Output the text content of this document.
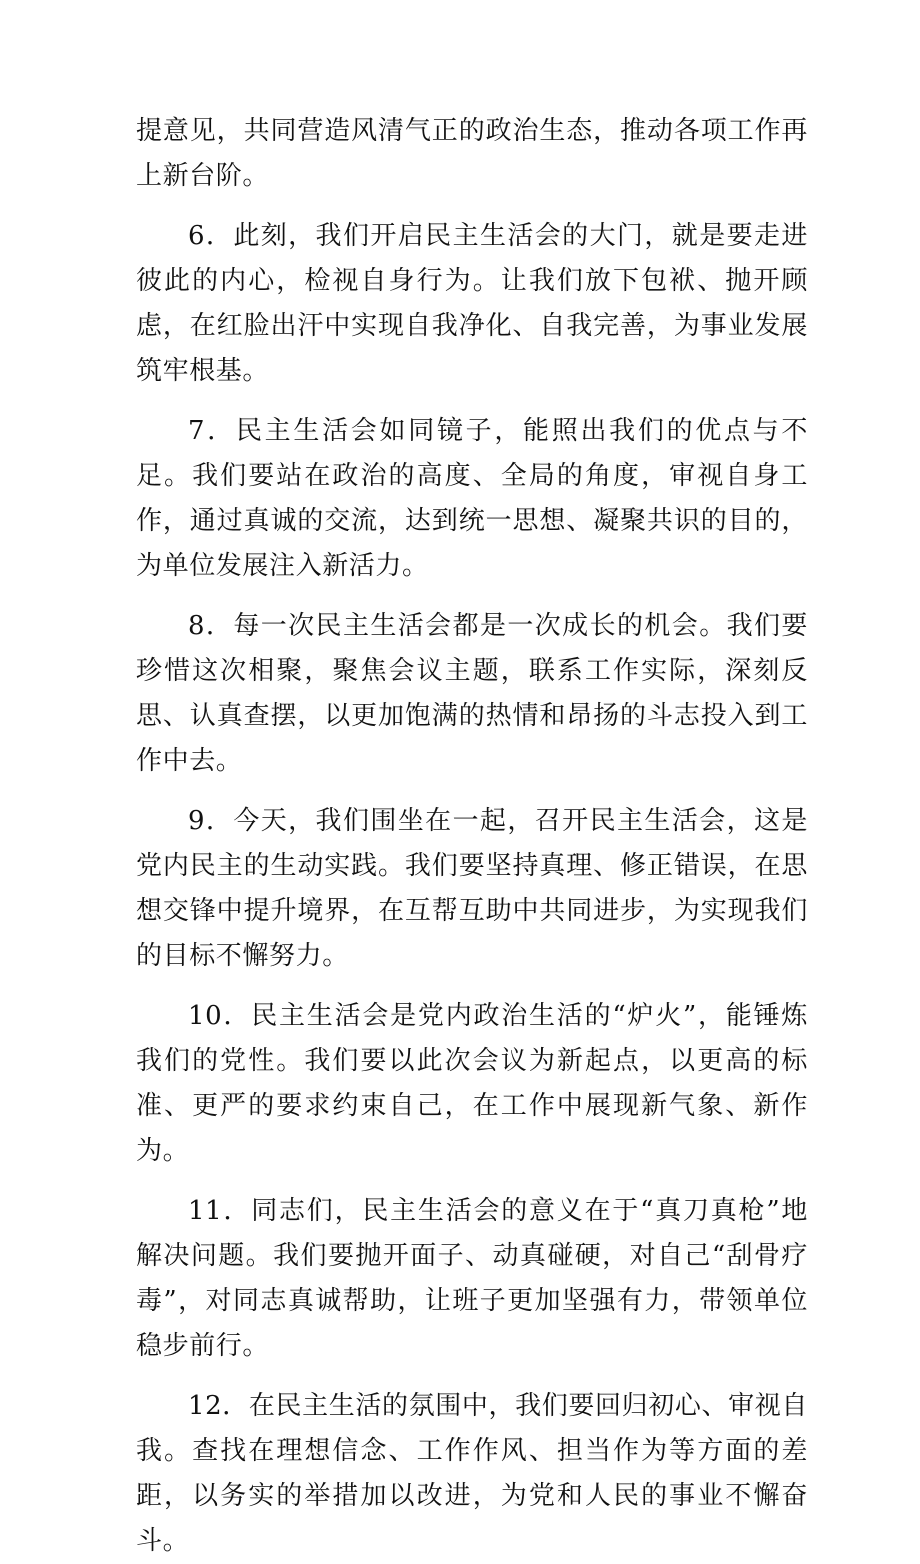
提意见，共同营造风清气正的政治生态，推动各项工作再上新台阶。

6．此刻，我们开启民主生活会的大门，就是要走进彼此的内心，检视自身行为。让我们放下包袱、抛开顾虑，在红脸出汗中实现自我净化、自我完善，为事业发展筑牢根基。

7．民主生活会如同镜子，能照出我们的优点与不足。我们要站在政治的高度、全局的角度，审视自身工作，通过真诚的交流，达到统一思想、凝聚共识的目的，为单位发展注入新活力。

8．每一次民主生活会都是一次成长的机会。我们要珍惜这次相聚，聚焦会议主题，联系工作实际，深刻反思、认真查摆，以更加饱满的热情和昂扬的斗志投入到工作中去。

9．今天，我们围坐在一起，召开民主生活会，这是党内民主的生动实践。我们要坚持真理、修正错误，在思想交锋中提升境界，在互帮互助中共同进步，为实现我们的目标不懈努力。

10．民主生活会是党内政治生活的“炉火”，能锤炼我们的党性。我们要以此次会议为新起点，以更高的标准、更严的要求约束自己，在工作中展现新气象、新作为。

11．同志们，民主生活会的意义在于“真刀真枪”地解决问题。我们要抛开面子、动真碰硬，对自己“刮骨疗毒”，对同志真诚帮助，让班子更加坚强有力，带领单位稳步前行。

12．在民主生活的氛围中，我们要回归初心、审视自我。查找在理想信念、工作作风、担当作为等方面的差距，以务实的举措加以改进，为党和人民的事业不懈奋斗。
